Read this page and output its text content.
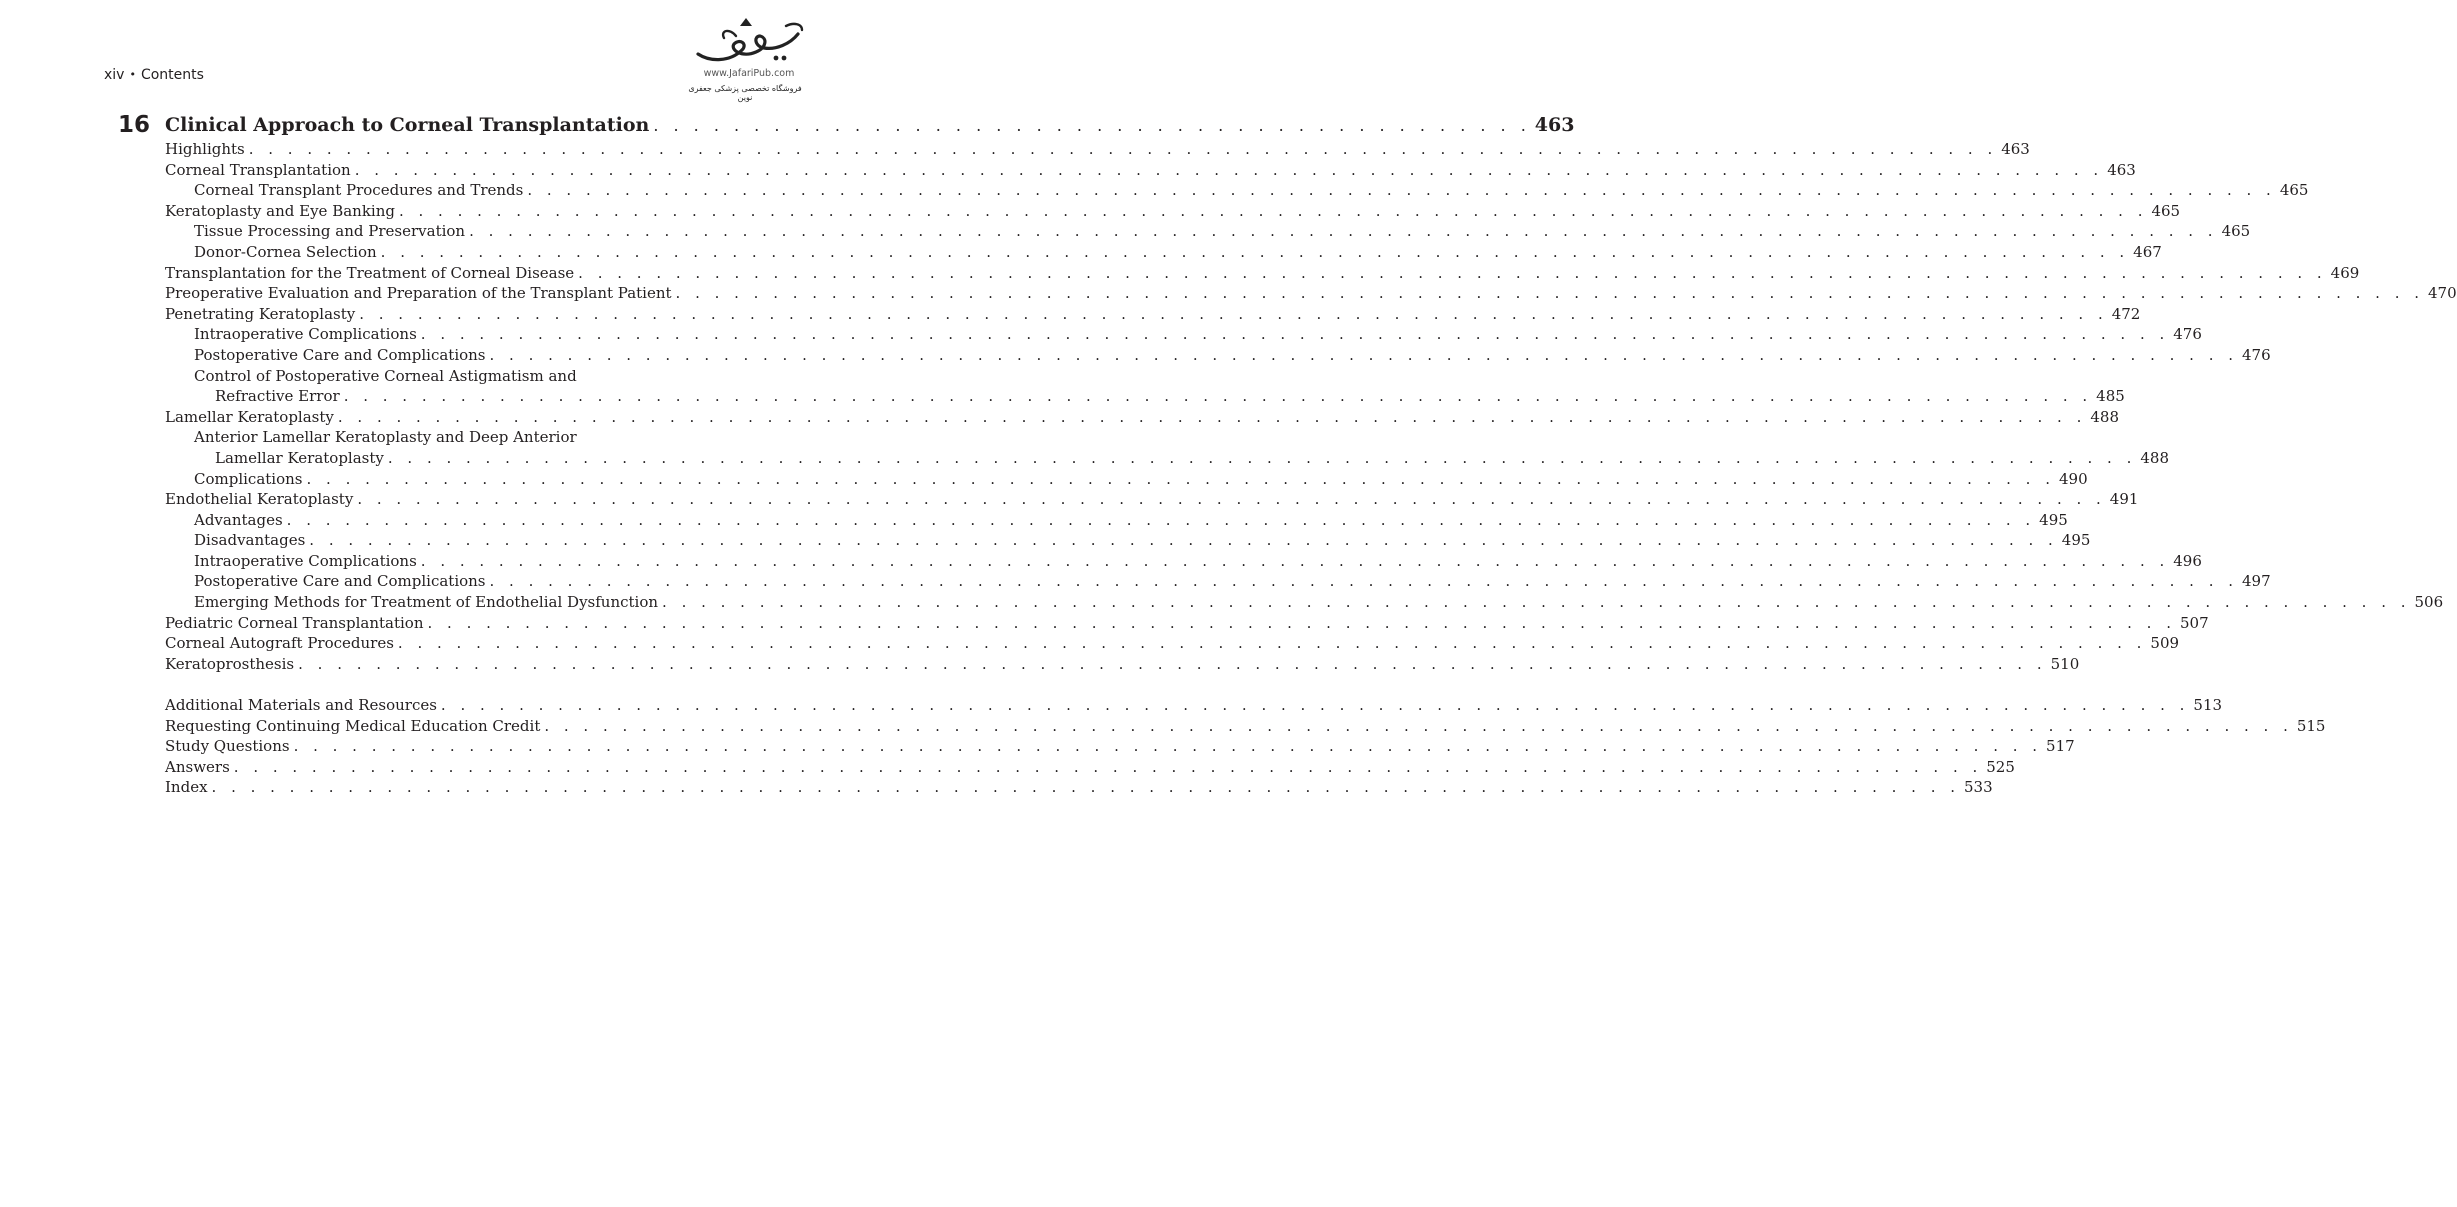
xiv • Contents	www.JafariPub.com
فروشگاه تخصصی پزشکی جعفری نوین
16 Clinical Approach to Corneal Transplantation . . . . . . . . . . . . . . . . . . . . . . . . . . . . . . . . . . . . . . . . . . . . 463
Highlights . . . . . . . . . . . . . . . . . . . . . . . . . . . . . . . . . . . . . . . . . . . . . . . . . . . . . . . . . . . . . . . . . . . . . . . . . . . . . . . . . . . . . . . . . . 463
Corneal Transplantation . . . . . . . . . . . . . . . . . . . . . . . . . . . . . . . . . . . . . . . . . . . . . . . . . . . . . . . . . . . . . . . . . . . . . . . . . . . . . . . . . . . . . . . . . . 463
Corneal Transplant Procedures and Trends . . . . . . . . . . . . . . . . . . . . . . . . . . . . . . . . . . . . . . . . . . . . . . . . . . . . . . . . . . . . . . . . . . . . . . . . . . . . . . . . . . . . . . . . . . 465
Keratoplasty and Eye Banking . . . . . . . . . . . . . . . . . . . . . . . . . . . . . . . . . . . . . . . . . . . . . . . . . . . . . . . . . . . . . . . . . . . . . . . . . . . . . . . . . . . . . . . . . . 465
Tissue Processing and Preservation . . . . . . . . . . . . . . . . . . . . . . . . . . . . . . . . . . . . . . . . . . . . . . . . . . . . . . . . . . . . . . . . . . . . . . . . . . . . . . . . . . . . . . . . . . 465
Donor-Cornea Selection . . . . . . . . . . . . . . . . . . . . . . . . . . . . . . . . . . . . . . . . . . . . . . . . . . . . . . . . . . . . . . . . . . . . . . . . . . . . . . . . . . . . . . . . . . 467
Transplantation for the Treatment of Corneal Disease . . . . . . . . . . . . . . . . . . . . . . . . . . . . . . . . . . . . . . . . . . . . . . . . . . . . . . . . . . . . . . . . . . . . . . . . . . . . . . . . . . . . . . . . . . 469
Preoperative Evaluation and Preparation of the Transplant Patient . . . . . . . . . . . . . . . . . . . . . . . . . . . . . . . . . . . . . . . . . . . . . . . . . . . . . . . . . . . . . . . . . . . . . . . . . . . . . . . . . . . . . . . . . . 470
Penetrating Keratoplasty . . . . . . . . . . . . . . . . . . . . . . . . . . . . . . . . . . . . . . . . . . . . . . . . . . . . . . . . . . . . . . . . . . . . . . . . . . . . . . . . . . . . . . . . . . 472
Intraoperative Complications . . . . . . . . . . . . . . . . . . . . . . . . . . . . . . . . . . . . . . . . . . . . . . . . . . . . . . . . . . . . . . . . . . . . . . . . . . . . . . . . . . . . . . . . . . 476
Postoperative Care and Complications . . . . . . . . . . . . . . . . . . . . . . . . . . . . . . . . . . . . . . . . . . . . . . . . . . . . . . . . . . . . . . . . . . . . . . . . . . . . . . . . . . . . . . . . . . 476
Control of Postoperative Corneal Astigmatism and
Refractive Error . . . . . . . . . . . . . . . . . . . . . . . . . . . . . . . . . . . . . . . . . . . . . . . . . . . . . . . . . . . . . . . . . . . . . . . . . . . . . . . . . . . . . . . . . . 485
Lamellar Keratoplasty . . . . . . . . . . . . . . . . . . . . . . . . . . . . . . . . . . . . . . . . . . . . . . . . . . . . . . . . . . . . . . . . . . . . . . . . . . . . . . . . . . . . . . . . . . 488
Anterior Lamellar Keratoplasty and Deep Anterior
Lamellar Keratoplasty . . . . . . . . . . . . . . . . . . . . . . . . . . . . . . . . . . . . . . . . . . . . . . . . . . . . . . . . . . . . . . . . . . . . . . . . . . . . . . . . . . . . . . . . . . 488
Complications . . . . . . . . . . . . . . . . . . . . . . . . . . . . . . . . . . . . . . . . . . . . . . . . . . . . . . . . . . . . . . . . . . . . . . . . . . . . . . . . . . . . . . . . . . 490
Endothelial Keratoplasty . . . . . . . . . . . . . . . . . . . . . . . . . . . . . . . . . . . . . . . . . . . . . . . . . . . . . . . . . . . . . . . . . . . . . . . . . . . . . . . . . . . . . . . . . . 491
Advantages . . . . . . . . . . . . . . . . . . . . . . . . . . . . . . . . . . . . . . . . . . . . . . . . . . . . . . . . . . . . . . . . . . . . . . . . . . . . . . . . . . . . . . . . . . 495
Disadvantages . . . . . . . . . . . . . . . . . . . . . . . . . . . . . . . . . . . . . . . . . . . . . . . . . . . . . . . . . . . . . . . . . . . . . . . . . . . . . . . . . . . . . . . . . . 495
Intraoperative Complications . . . . . . . . . . . . . . . . . . . . . . . . . . . . . . . . . . . . . . . . . . . . . . . . . . . . . . . . . . . . . . . . . . . . . . . . . . . . . . . . . . . . . . . . . . 496
Postoperative Care and Complications . . . . . . . . . . . . . . . . . . . . . . . . . . . . . . . . . . . . . . . . . . . . . . . . . . . . . . . . . . . . . . . . . . . . . . . . . . . . . . . . . . . . . . . . . . 497
Emerging Methods for Treatment of Endothelial Dysfunction . . . . . . . . . . . . . . . . . . . . . . . . . . . . . . . . . . . . . . . . . . . . . . . . . . . . . . . . . . . . . . . . . . . . . . . . . . . . . . . . . . . . . . . . . . 506
Pediatric Corneal Transplantation . . . . . . . . . . . . . . . . . . . . . . . . . . . . . . . . . . . . . . . . . . . . . . . . . . . . . . . . . . . . . . . . . . . . . . . . . . . . . . . . . . . . . . . . . . 507
Corneal Autograft Procedures . . . . . . . . . . . . . . . . . . . . . . . . . . . . . . . . . . . . . . . . . . . . . . . . . . . . . . . . . . . . . . . . . . . . . . . . . . . . . . . . . . . . . . . . . . 509
Keratoprosthesis . . . . . . . . . . . . . . . . . . . . . . . . . . . . . . . . . . . . . . . . . . . . . . . . . . . . . . . . . . . . . . . . . . . . . . . . . . . . . . . . . . . . . . . . . . 510
Additional Materials and Resources . . . . . . . . . . . . . . . . . . . . . . . . . . . . . . . . . . . . . . . . . . . . . . . . . . . . . . . . . . . . . . . . . . . . . . . . . . . . . . . . . . . . . . . . . . 513
Requesting Continuing Medical Education Credit . . . . . . . . . . . . . . . . . . . . . . . . . . . . . . . . . . . . . . . . . . . . . . . . . . . . . . . . . . . . . . . . . . . . . . . . . . . . . . . . . . . . . . . . . . 515
Study Questions . . . . . . . . . . . . . . . . . . . . . . . . . . . . . . . . . . . . . . . . . . . . . . . . . . . . . . . . . . . . . . . . . . . . . . . . . . . . . . . . . . . . . . . . . . 517
Answers . . . . . . . . . . . . . . . . . . . . . . . . . . . . . . . . . . . . . . . . . . . . . . . . . . . . . . . . . . . . . . . . . . . . . . . . . . . . . . . . . . . . . . . . . . 525
Index . . . . . . . . . . . . . . . . . . . . . . . . . . . . . . . . . . . . . . . . . . . . . . . . . . . . . . . . . . . . . . . . . . . . . . . . . . . . . . . . . . . . . . . . . . 533
